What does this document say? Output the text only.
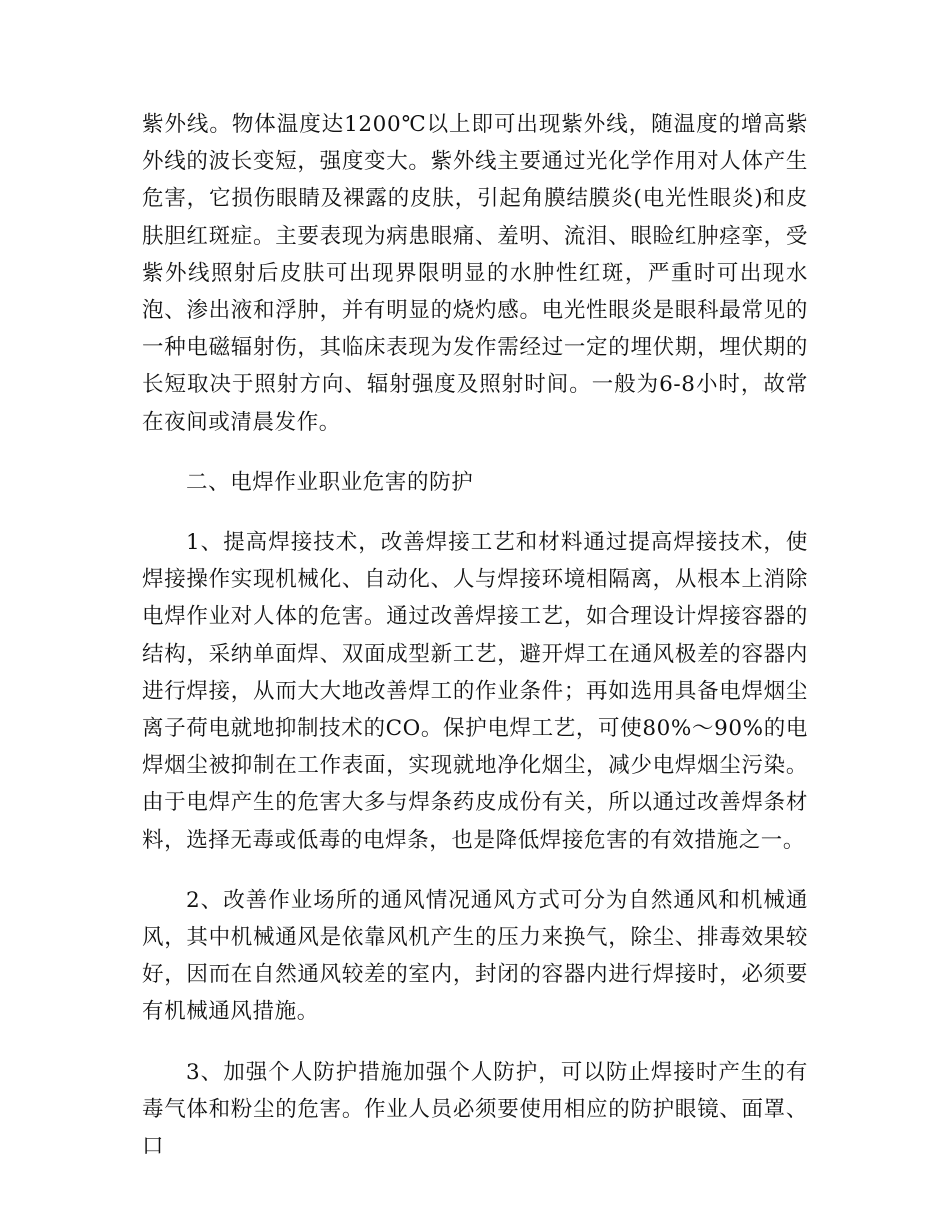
紫外线。物体温度达1200℃以上即可出现紫外线，随温度的增高紫外线的波长变短，强度变大。紫外线主要通过光化学作用对人体产生危害，它损伤眼睛及裸露的皮肤，引起角膜结膜炎(电光性眼炎)和皮肤胆红斑症。主要表现为病患眼痛、羞明、流泪、眼睑红肿痉挛，受紫外线照射后皮肤可出现界限明显的水肿性红斑，严重时可出现水泡、渗出液和浮肿，并有明显的烧灼感。电光性眼炎是眼科最常见的一种电磁辐射伤，其临床表现为发作需经过一定的埋伏期，埋伏期的长短取决于照射方向、辐射强度及照射时间。一般为6-8小时，故常在夜间或清晨发作。

二、电焊作业职业危害的防护

1、提高焊接技术，改善焊接工艺和材料通过提高焊接技术，使焊接操作实现机械化、自动化、人与焊接环境相隔离，从根本上消除电焊作业对人体的危害。通过改善焊接工艺，如合理设计焊接容器的结构，采纳单面焊、双面成型新工艺，避开焊工在通风极差的容器内进行焊接，从而大大地改善焊工的作业条件；再如选用具备电焊烟尘离子荷电就地抑制技术的CO。保护电焊工艺，可使80%～90%的电焊烟尘被抑制在工作表面，实现就地净化烟尘，减少电焊烟尘污染。由于电焊产生的危害大多与焊条药皮成份有关，所以通过改善焊条材料，选择无毒或低毒的电焊条，也是降低焊接危害的有效措施之一。

2、改善作业场所的通风情况通风方式可分为自然通风和机械通风，其中机械通风是依靠风机产生的压力来换气，除尘、排毒效果较好，因而在自然通风较差的室内，封闭的容器内进行焊接时，必须要有机械通风措施。

3、加强个人防护措施加强个人防护，可以防止焊接时产生的有毒气体和粉尘的危害。作业人员必须要使用相应的防护眼镜、面罩、口
